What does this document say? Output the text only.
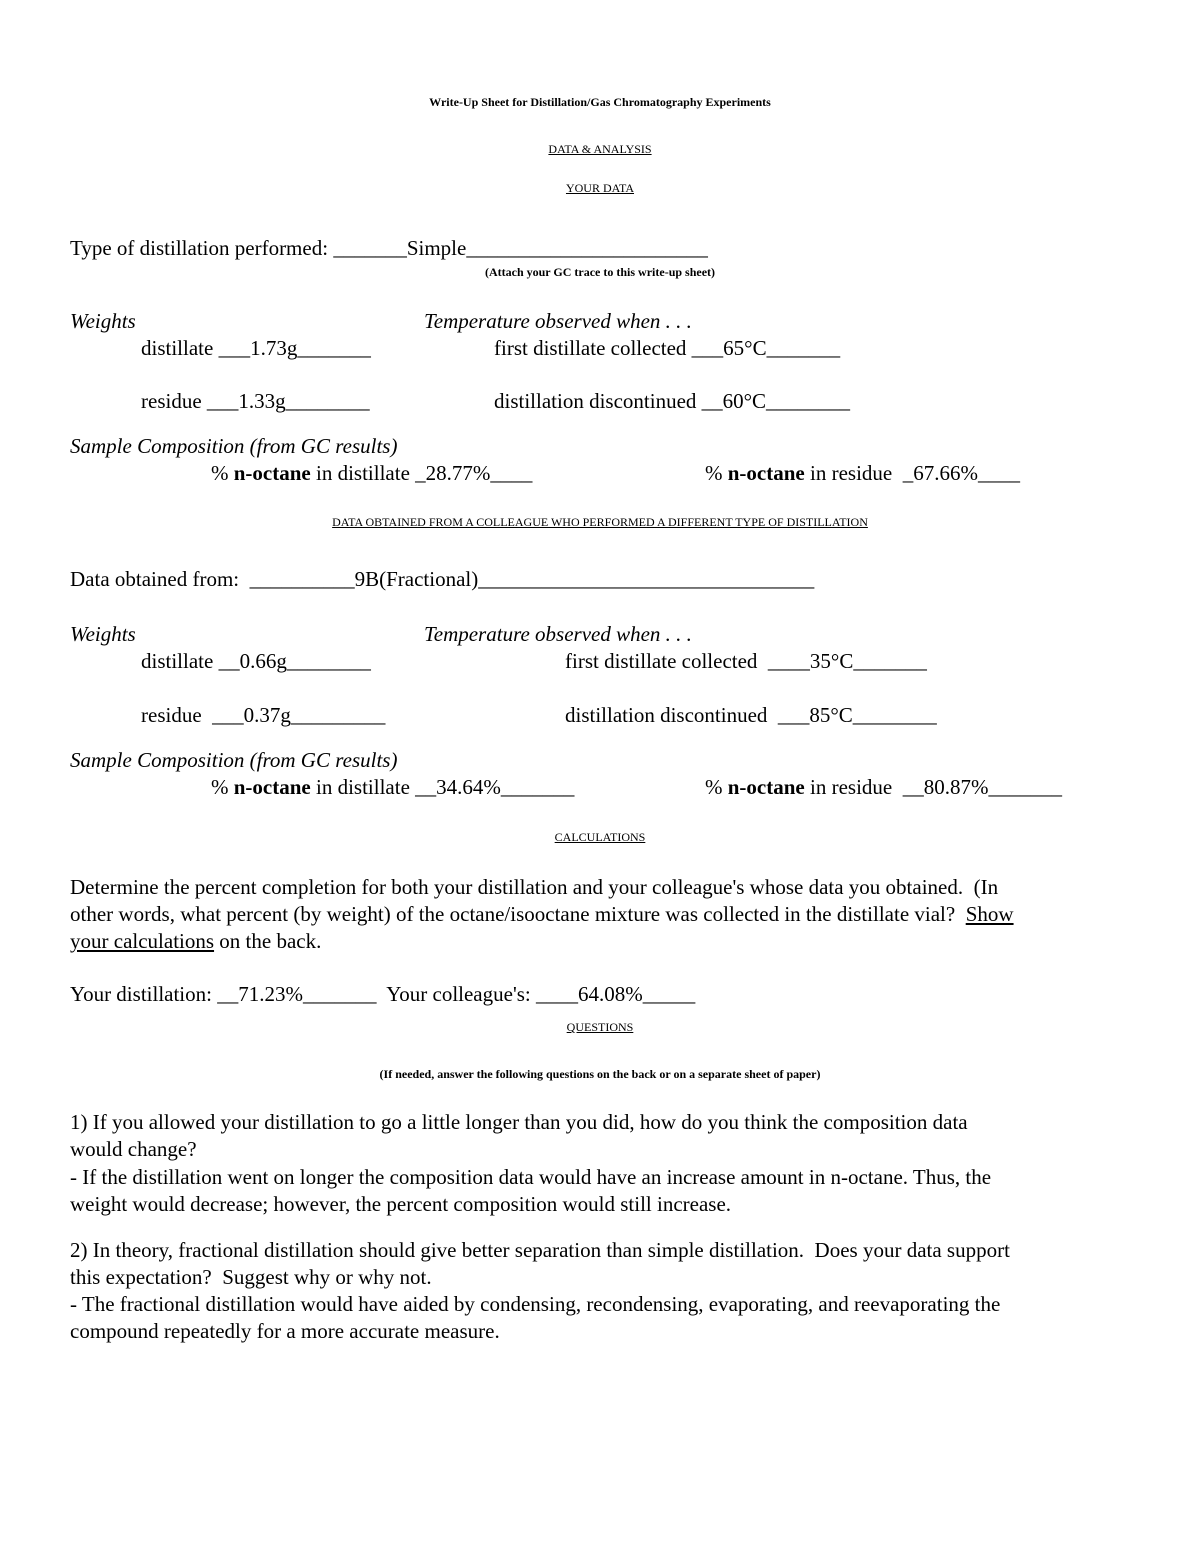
Write-Up Sheet for Distillation/Gas Chromatography Experiments
DATA & ANALYSIS
YOUR DATA
Type of distillation performed: _______Simple_______________________
(Attach your GC trace to this write-up sheet)
Weights	Temperature observed when . . .
distillate ___1.73g_______	first distillate collected ___65°C_______
residue ___1.33g________	distillation discontinued __60°C________
Sample Composition (from GC results)
% n-octane in distillate _28.77%____	% n-octane in residue  _67.66%____
DATA OBTAINED FROM A COLLEAGUE WHO PERFORMED A DIFFERENT TYPE OF DISTILLATION
Data obtained from:  __________9B(Fractional)________________________________
Weights	Temperature observed when . . .
distillate __0.66g________	first distillate collected  ____35°C_______
residue  ___0.37g_________	distillation discontinued  ___85°C________
Sample Composition (from GC results)
% n-octane in distillate __34.64%_______	% n-octane in residue  __80.87%_______
CALCULATIONS
Determine the percent completion for both your distillation and your colleague's whose data you obtained.  (In
other words, what percent (by weight) of the octane/isooctane mixture was collected in the distillate vial?  Show
your calculations on the back.
Your distillation: __71.23%_______  Your colleague's: ____64.08%_____
QUESTIONS
(If needed, answer the following questions on the back or on a separate sheet of paper)
1) If you allowed your distillation to go a little longer than you did, how do you think the composition data
would change?
- If the distillation went on longer the composition data would have an increase amount in n-octane. Thus, the
weight would decrease; however, the percent composition would still increase.
2) In theory, fractional distillation should give better separation than simple distillation.  Does your data support
this expectation?  Suggest why or why not.
- The fractional distillation would have aided by condensing, recondensing, evaporating, and reevaporating the
compound repeatedly for a more accurate measure.
